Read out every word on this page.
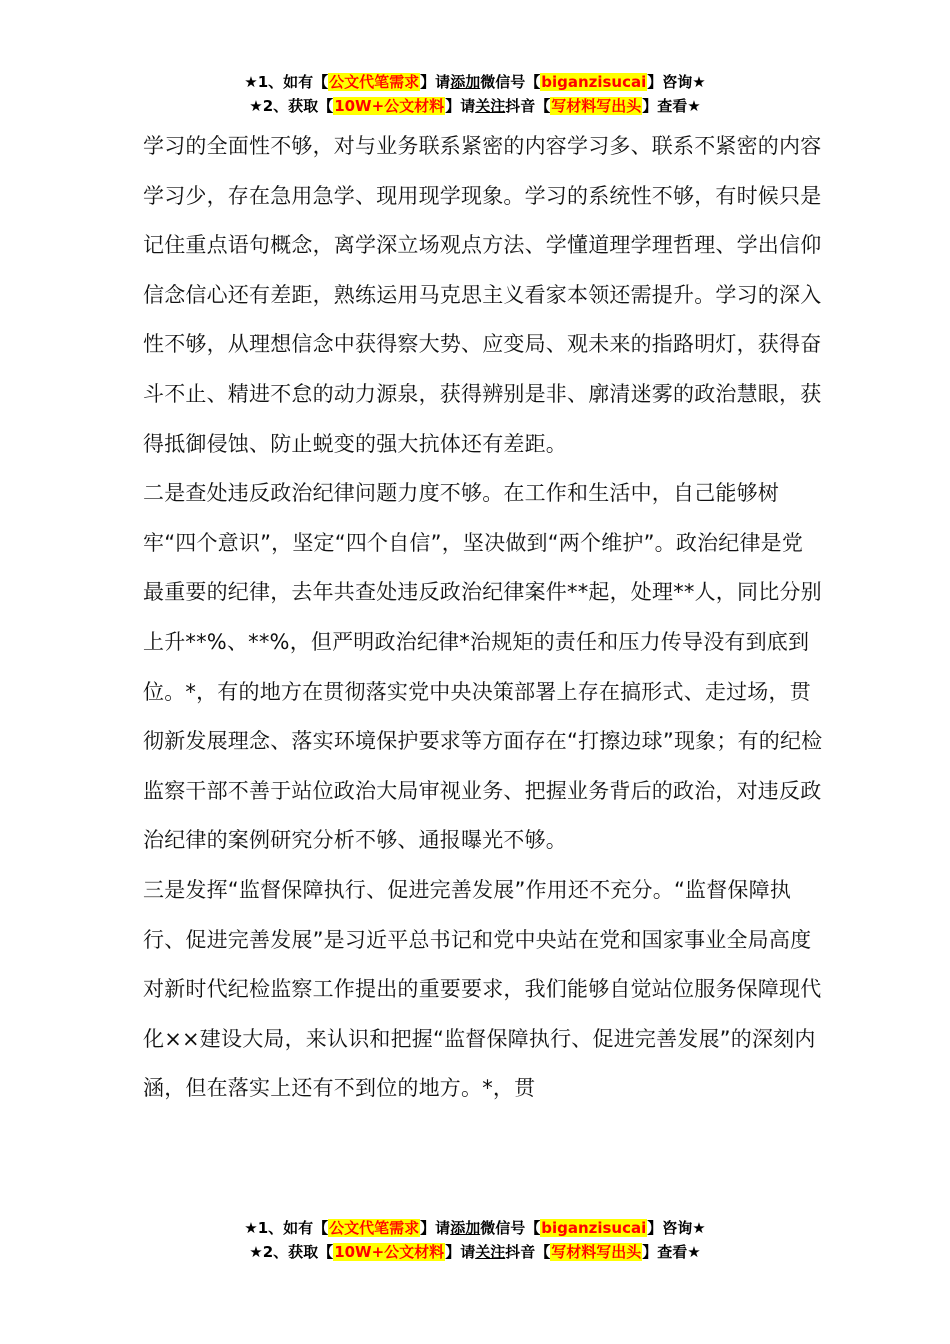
★1、如有【公文代笔需求】请添加微信号【biganzisucai】咨询★
★2、获取【10W+公文材料】请关注抖音【写材料写出头】查看★

学习的全面性不够，对与业务联系紧密的内容学习多、联系不紧密的内容学习少，存在急用急学、现用现学现象。学习的系统性不够，有时候只是记住重点语句概念，离学深立场观点方法、学懂道理学理哲理、学出信仰信念信心还有差距，熟练运用马克思主义看家本领还需提升。学习的深入性不够，从理想信念中获得察大势、应变局、观未来的指路明灯，获得奋斗不止、精进不怠的动力源泉，获得辨别是非、廓清迷雾的政治慧眼，获得抵御侵蚀、防止蜕变的强大抗体还有差距。

二是查处违反政治纪律问题力度不够。在工作和生活中，自己能够树牢“四个意识”，坚定“四个自信”，坚决做到“两个维护”。政治纪律是党最重要的纪律，去年共查处违反政治纪律案件**起，处理**人，同比分别上升**%、**%，但严明政治纪律*治规矩的责任和压力传导没有到底到位。*，有的地方在贯彻落实党中央决策部署上存在搞形式、走过场，贯彻新发展理念、落实环境保护要求等方面存在“打擦边球”现象；有的纪检监察干部不善于站位政治大局审视业务、把握业务背后的政治，对违反政治纪律的案例研究分析不够、通报曝光不够。

三是发挥“监督保障执行、促进完善发展”作用还不充分。“监督保障执行、促进完善发展”是习近平总书记和党中央站在党和国家事业全局高度对新时代纪检监察工作提出的重要要求，我们能够自觉站位服务保障现代化××建设大局，来认识和把握“监督保障执行、促进完善发展”的深刻内涵，但在落实上还有不到位的地方。*，贯

★1、如有【公文代笔需求】请添加微信号【biganzisucai】咨询★
★2、获取【10W+公文材料】请关注抖音【写材料写出头】查看★
